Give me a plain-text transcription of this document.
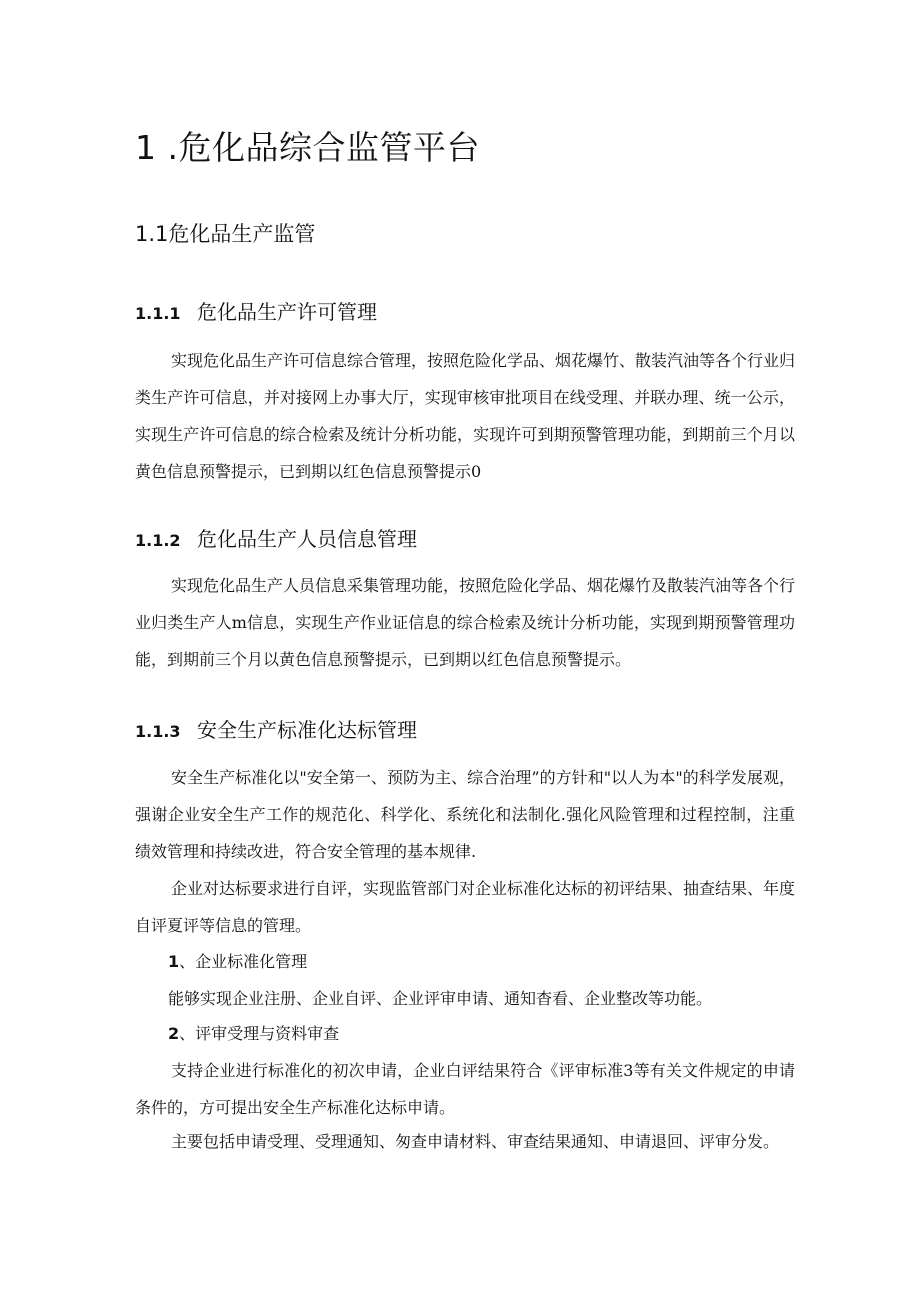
1 .危化品综合监管平台
1.1危化品生产监管
1.1.1 危化品生产许可管理
实现危化品生产许可信息综合管理，按照危险化学品、烟花爆竹、散装汽油等各个行业归类生产许可信息，并对接网上办事大厅，实现审核审批项目在线受理、并联办理、统一公示，实现生产许可信息的综合检索及统计分析功能，实现许可到期预警管理功能，到期前三个月以黄色信息预警提示，已到期以红色信息预警提示0
1.1.2 危化品生产人员信息管理
实现危化品生产人员信息采集管理功能，按照危险化学品、烟花爆竹及散装汽油等各个行业归类生产人m信息，实现生产作业证信息的综合检索及统计分析功能，实现到期预警管理功能，到期前三个月以黄色信息预警提示，已到期以红色信息预警提示。
1.1.3 安全生产标准化达标管理
安全生产标准化以"安全第一、预防为主、综合治理”的方针和"以人为本"的科学发展观，强谢企业安全生产工作的规范化、科学化、系统化和法制化.强化风险管理和过程控制，注重绩效管理和持续改进，符合安全管理的基本规律.
企业对达标要求进行自评，实现监管部门对企业标准化达标的初评结果、抽查结果、年度自评夏评等信息的管理。
1、企业标准化管理
能够实现企业注册、企业自评、企业评审申请、通知杳看、企业整改等功能。
2、评审受理与资料审查
支持企业进行标准化的初次申请，企业白评结果符合《评审标准3等有关文件规定的申请条件的，方可提出安全生产标准化达标申请。
主要包括申请受理、受理通知、匆查申请材料、审查结果通知、申请退回、评审分发。
